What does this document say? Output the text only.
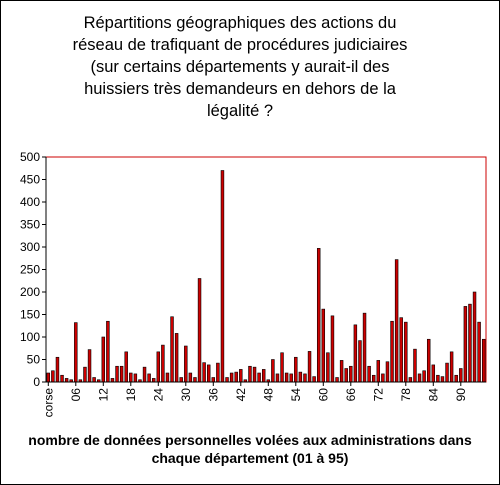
Répartitions géographiques des actions du
réseau de trafiquant de procédures judiciaires
(sur certains départements y aurait-il des
huissiers très demandeurs en dehors de la
légalité ?
0
50
100
150
200
250
300
350
400
450
500
corse 06 12 18 24 30 36 42 48 54 60 66 72 78 84 90
nombre de données personnelles volées aux administrations dans
chaque département (01 à 95)
